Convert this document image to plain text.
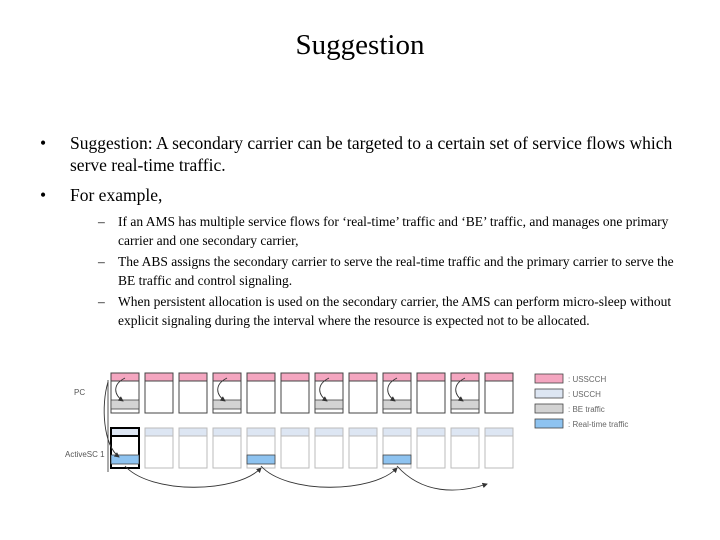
Suggestion
• Suggestion: A secondary carrier can be targeted to a certain set of service flows which serve real-time traffic.
• For example,
– If an AMS has multiple service flows for ‘real-time’ traffic and ‘BE’ traffic, and manages one primary carrier and one secondary carrier,
– The ABS assigns the secondary carrier to serve the real-time traffic and the primary carrier to serve the BE traffic and control signaling.
– When persistent allocation is used on the secondary carrier, the AMS can perform micro-sleep without explicit signaling during the interval where the resource is expected not to be allocated.
PC
ActiveSC 1
: USSCCH
: USCCH
: BE traffic
: Real-time traffic
